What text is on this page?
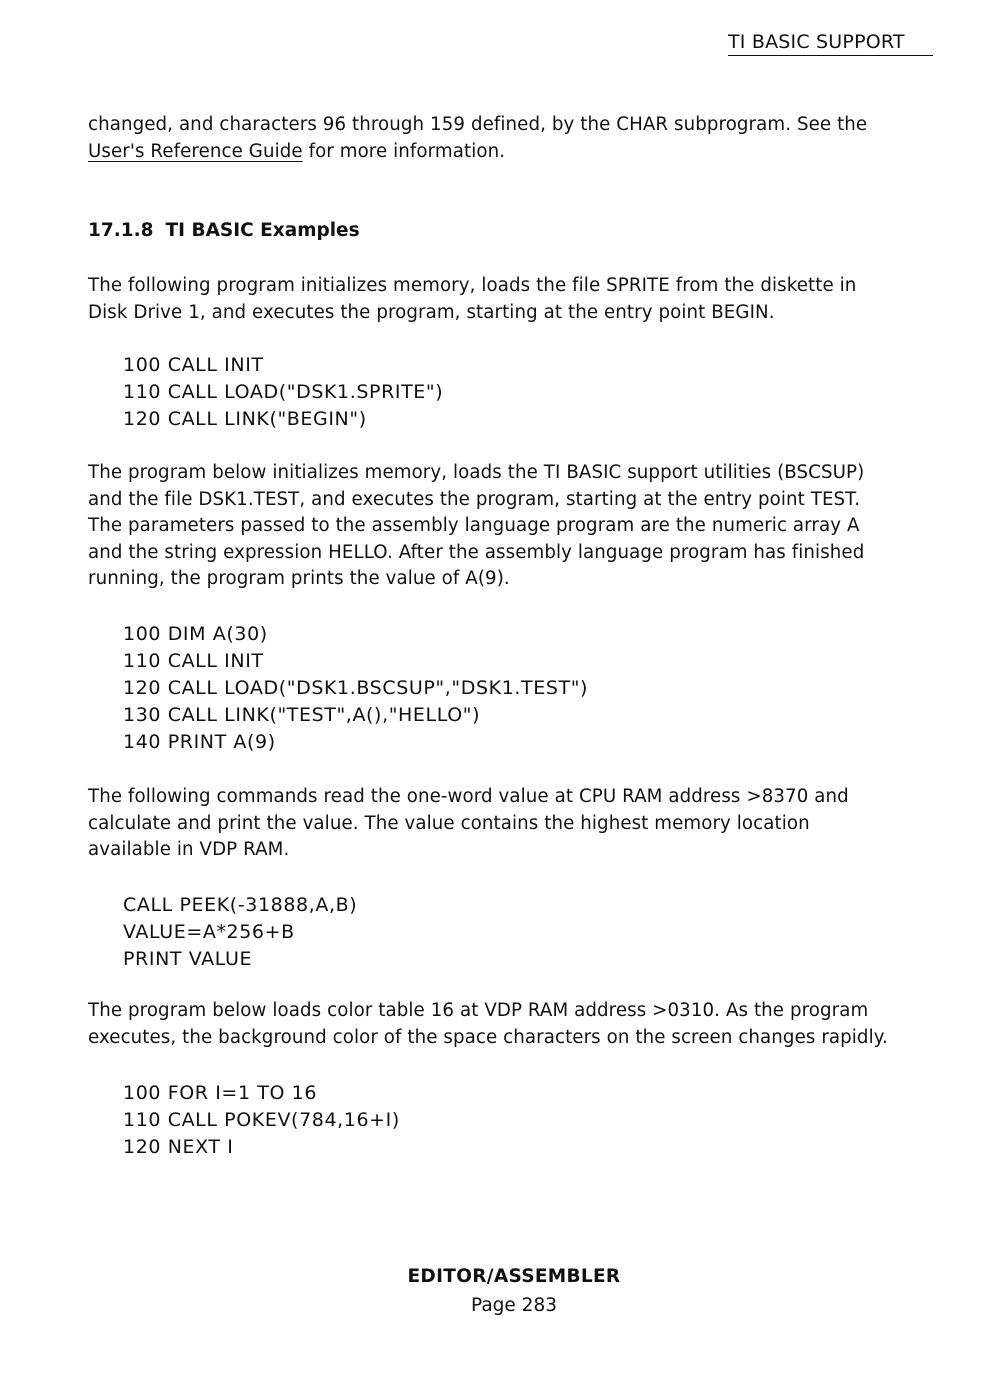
TI BASIC SUPPORT

changed, and characters 96 through 159 defined, by the CHAR subprogram. See the
User's Reference Guide for more information.

17.1.8 TI BASIC Examples

The following program initializes memory, loads the file SPRITE from the diskette in
Disk Drive 1, and executes the program, starting at the entry point BEGIN.

100 CALL INIT
110 CALL LOAD("DSK1.SPRITE")
120 CALL LINK("BEGIN")

The program below initializes memory, loads the TI BASIC support utilities (BSCSUP)
and the file DSK1.TEST, and executes the program, starting at the entry point TEST.
The parameters passed to the assembly language program are the numeric array A
and the string expression HELLO. After the assembly language program has finished
running, the program prints the value of A(9).

100 DIM A(30)
110 CALL INIT
120 CALL LOAD("DSK1.BSCSUP","DSK1.TEST")
130 CALL LINK("TEST",A(),"HELLO")
140 PRINT A(9)

The following commands read the one-word value at CPU RAM address >8370 and
calculate and print the value. The value contains the highest memory location
available in VDP RAM.

CALL PEEK(-31888,A,B)
VALUE=A*256+B
PRINT VALUE

The program below loads color table 16 at VDP RAM address >0310. As the program
executes, the background color of the space characters on the screen changes rapidly.

100 FOR I=1 TO 16
110 CALL POKEV(784,16+I)
120 NEXT I
EDITOR/ASSEMBLER
Page 283
